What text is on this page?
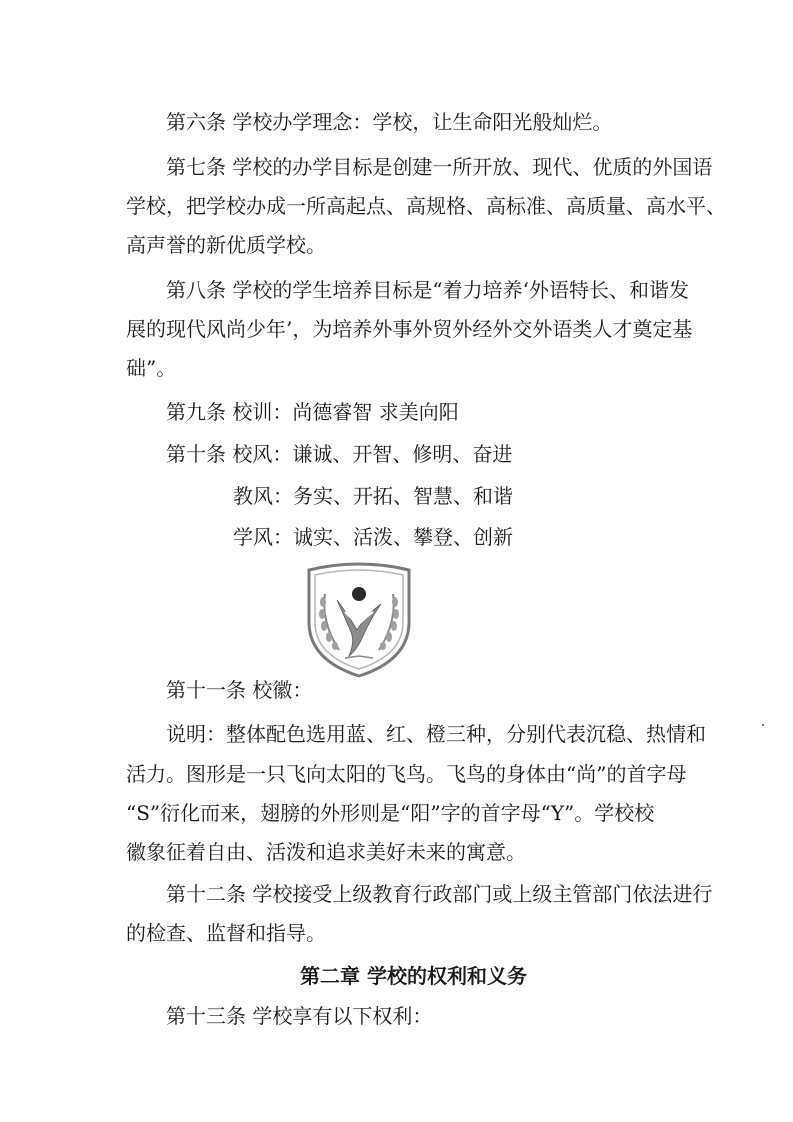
第六条 学校办学理念：学校，让生命阳光般灿烂。
第七条 学校的办学目标是创建一所开放、现代、优质的外国语
学校，把学校办成一所高起点、高规格、高标准、高质量、高水平、
高声誉的新优质学校。
第八条 学校的学生培养目标是“着力培养‘外语特长、和谐发
展的现代风尚少年’，为培养外事外贸外经外交外语类人才奠定基
础”。
第九条 校训：尚德睿智 求美向阳
第十条 校风：谦诚、开智、修明、奋进
教风：务实、开拓、智慧、和谐
学风：诚实、活泼、攀登、创新
第十一条 校徽：
说明：整体配色选用蓝、红、橙三种，分别代表沉稳、热情和
活力。图形是一只飞向太阳的飞鸟。飞鸟的身体由“尚”的首字母
“S”衍化而来，翅膀的外形则是“阳”字的首字母“Y”。学校校
徽象征着自由、活泼和追求美好未来的寓意。
第十二条 学校接受上级教育行政部门或上级主管部门依法进行
的检查、监督和指导。
第二章 学校的权利和义务
第十三条 学校享有以下权利：
